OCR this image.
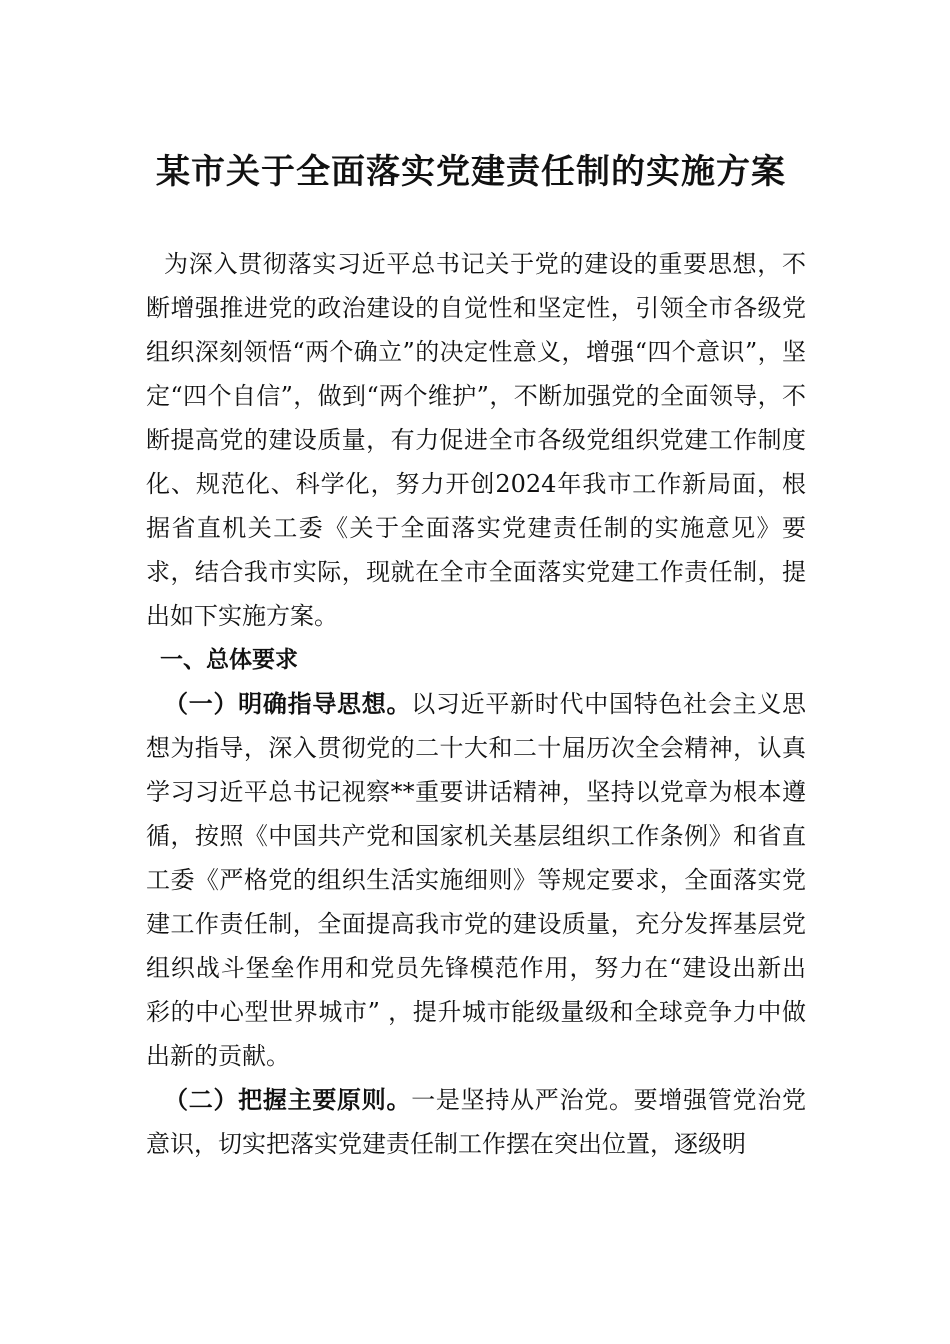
某市关于全面落实党建责任制的实施方案

为深入贯彻落实习近平总书记关于党的建设的重要思想，不断增强推进党的政治建设的自觉性和坚定性，引领全市各级党组织深刻领悟“两个确立”的决定性意义，增强“四个意识”，坚定“四个自信”，做到“两个维护”，不断加强党的全面领导，不断提高党的建设质量，有力促进全市各级党组织党建工作制度化、规范化、科学化，努力开创2024年我市工作新局面，根据省直机关工委《关于全面落实党建责任制的实施意见》要求，结合我市实际，现就在全市全面落实党建工作责任制，提出如下实施方案。

一、总体要求

（一）明确指导思想。以习近平新时代中国特色社会主义思想为指导，深入贯彻党的二十大和二十届历次全会精神，认真学习习近平总书记视察**重要讲话精神，坚持以党章为根本遵循，按照《中国共产党和国家机关基层组织工作条例》和省直工委《严格党的组织生活实施细则》等规定要求，全面落实党建工作责任制，全面提高我市党的建设质量，充分发挥基层党组织战斗堡垒作用和党员先锋模范作用，努力在“建设出新出彩的中心型世界城市” ，提升城市能级量级和全球竞争力中做出新的贡献。

（二）把握主要原则。一是坚持从严治党。要增强管党治党意识，切实把落实党建责任制工作摆在突出位置，逐级明
